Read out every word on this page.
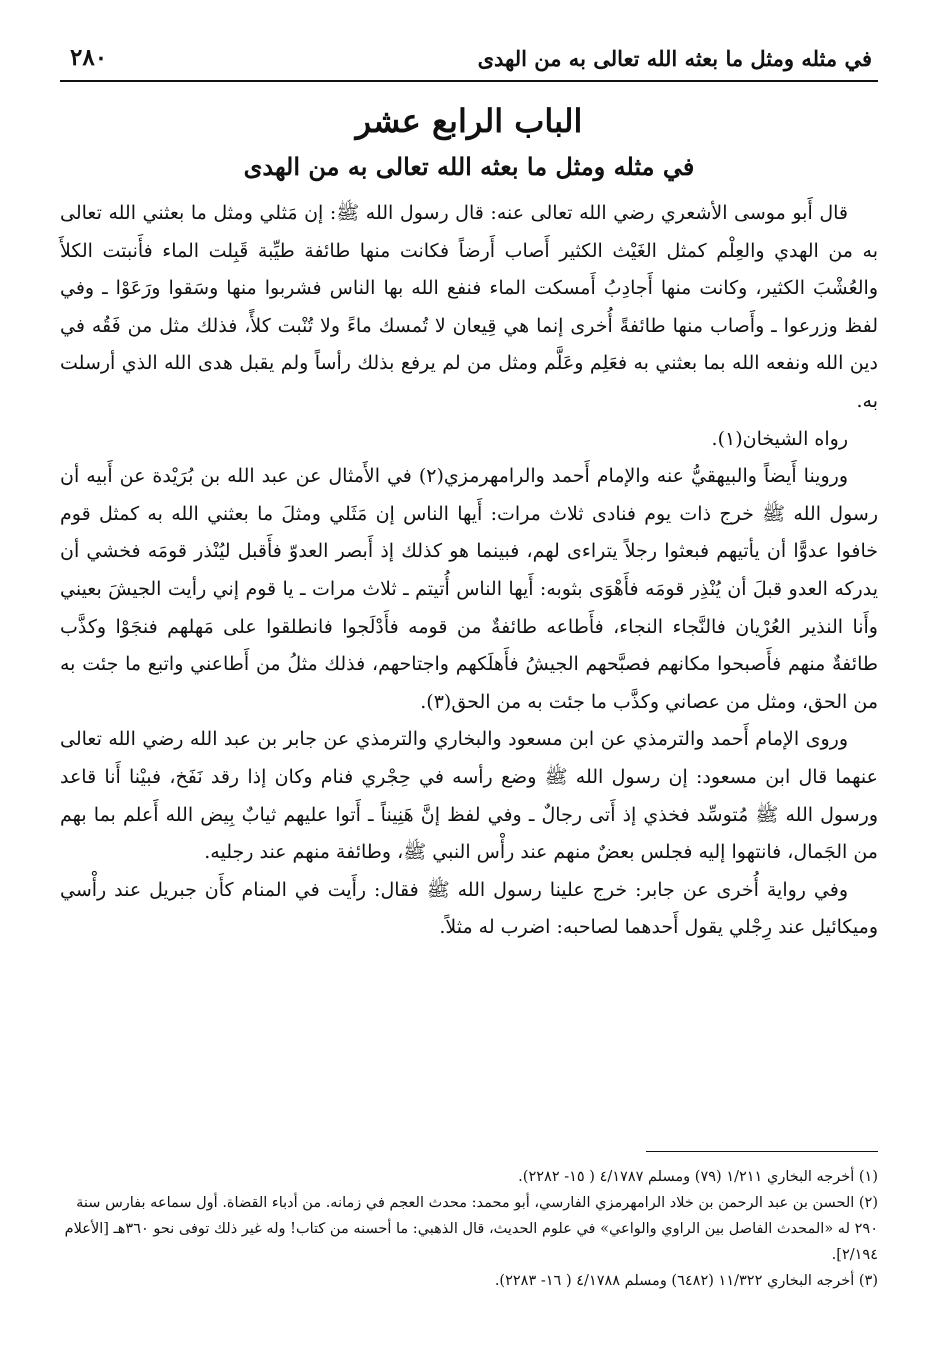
في مثله ومثل ما بعثه الله تعالى به من الهدى
٢٨٠
الباب الرابع عشر
في مثله ومثل ما بعثه الله تعالى به من الهدى

قال أَبو موسى الأشعري رضي الله تعالى عنه: قال رسول الله ﷺ: إن مَثلي ومثل ما بعثني الله تعالى به من الهدي والعِلْم كمثل الغَيْث الكثير أَصاب أَرضاً فكانت منها طائفة طيِّبة قَبِلت الماء فأَنبتت الكلأَ والعُشْبَ الكثير، وكانت منها أَجادِبُ أَمسكت الماء فنفع الله بها الناس فشربوا منها وسَقوا ورَعَوْا ـ وفي لفظ وزرعوا ـ وأَصاب منها طائفةً أُخرى إنما هي قِيعان لا تُمسك ماءً ولا تُنْبت كلأً، فذلك مثل من فَقُه في دين الله ونفعه الله بما بعثني به فعَلِم وعَلَّم ومثل من لم يرفع بذلك رأساً ولم يقبل هدى الله الذي أرسلت به.

رواه الشيخان(١).

وروينا أَيضاً والبيهقيُّ عنه والإمام أَحمد والرامهرمزي(٢) في الأَمثال عن عبد الله بن بُرَيْدة عن أَبيه أن رسول الله ﷺ خرج ذات يوم فنادى ثلاث مرات: أَيها الناس إن مَثَلي ومثلَ ما بعثني الله به كمثل قوم خافوا عدوًّا أن يأتيهم فبعثوا رجلاً يتراءى لهم، فبينما هو كذلك إذ أَبصر العدوّ فأَقبل ليُنْذر قومَه فخشي أن يدركه العدو قبلَ أن يُنْذِر قومَه فأَهْوَى بثوبه: أَيها الناس أُتيتم ـ ثلاث مرات ـ يا قوم إني رأيت الجيشَ بعيني وأَنا النذير العُرْيان فالنَّجاء النجاء، فأَطاعه طائفةٌ من قومه فأَدْلَجوا فانطلقوا على مَهلهم فنجَوْا وكذَّب طائفةٌ منهم فأَصبحوا مكانهم فصبَّحهم الجيشُ فأَهلَكهم واجتاحهم، فذلك مثلُ من أَطاعني واتبع ما جئت به من الحق، ومثل من عصاني وكذَّب ما جئت به من الحق(٣).

وروى الإمام أَحمد والترمذي عن ابن مسعود والبخاري والترمذي عن جابر بن عبد الله رضي الله تعالى عنهما قال ابن مسعود: إن رسول الله ﷺ وضع رأسه في حِجْري فنام وكان إذا رقد نَفَخ، فبيْنا أَنا قاعد ورسول الله ﷺ مُتوسِّد فخذي إذ أَتى رجالٌ ـ وفي لفظ إنَّ هَنِيناً ـ أَتوا عليهم ثيابٌ بِيض الله أَعلم بما بهم من الجَمال، فانتهوا إليه فجلس بعضٌ منهم عند رأْس النبي ﷺ، وطائفة منهم عند رجليه.

وفي رواية أُخرى عن جابر: خرج علينا رسول الله ﷺ فقال: رأَيت في المنام كأَن جبريل عند رأْسي وميكائيل عند رِجْلي يقول أَحدهما لصاحبه: اضرب له مثلاً.

(١) أخرجه البخاري ١/٢١١ (٧٩) ومسلم ٤/١٧٨٧ ( ١٥- ٢٢٨٢).

(٢) الحسن بن عبد الرحمن بن خلاد الرامهرمزي الفارسي، أبو محمد: محدث العجم في زمانه. من أدباء القضاة. أول سماعه بفارس سنة ٢٩٠ له «المحدث الفاصل بين الراوي والواعي» في علوم الحديث، قال الذهبي: ما أحسنه من كتاب! وله غير ذلك توفى نحو ٣٦٠هـ [الأعلام ٢/١٩٤].

(٣) أخرجه البخاري ١١/٣٢٢ (٦٤٨٢) ومسلم ٤/١٧٨٨ ( ١٦- ٢٢٨٣).
